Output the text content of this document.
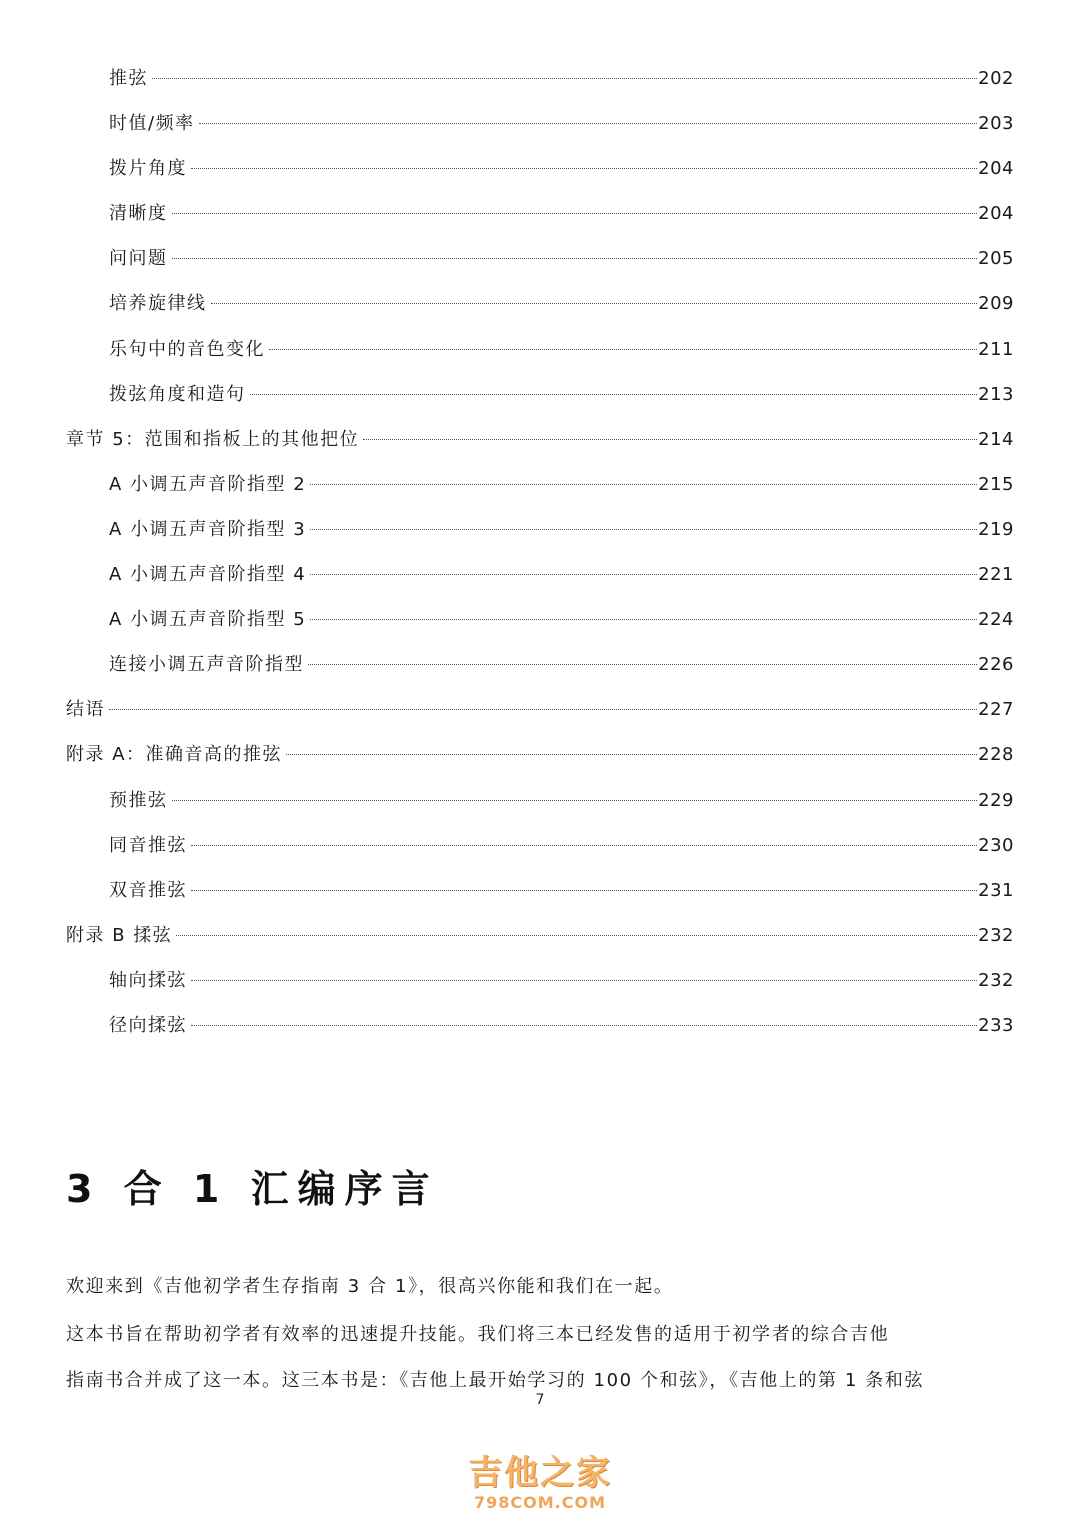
推弦	202
时值/频率	203
拨片角度	204
清晰度	204
问问题	205
培养旋律线	209
乐句中的音色变化	211
拨弦角度和造句	213
章节 5：范围和指板上的其他把位	214
A 小调五声音阶指型 2	215
A 小调五声音阶指型 3	219
A 小调五声音阶指型 4	221
A 小调五声音阶指型 5	224
连接小调五声音阶指型	226
结语	227
附录 A：准确音高的推弦	228
预推弦	229
同音推弦	230
双音推弦	231
附录 B 揉弦	232
轴向揉弦	232
径向揉弦	233
3 合 1 汇编序言

欢迎来到《吉他初学者生存指南 3 合 1》，很高兴你能和我们在一起。

这本书旨在帮助初学者有效率的迅速提升技能。我们将三本已经发售的适用于初学者的综合吉他

指南书合并成了这一本。这三本书是：《吉他上最开始学习的 100 个和弦》，《吉他上的第 1 条和弦

7
吉他之家
798COM.COM
